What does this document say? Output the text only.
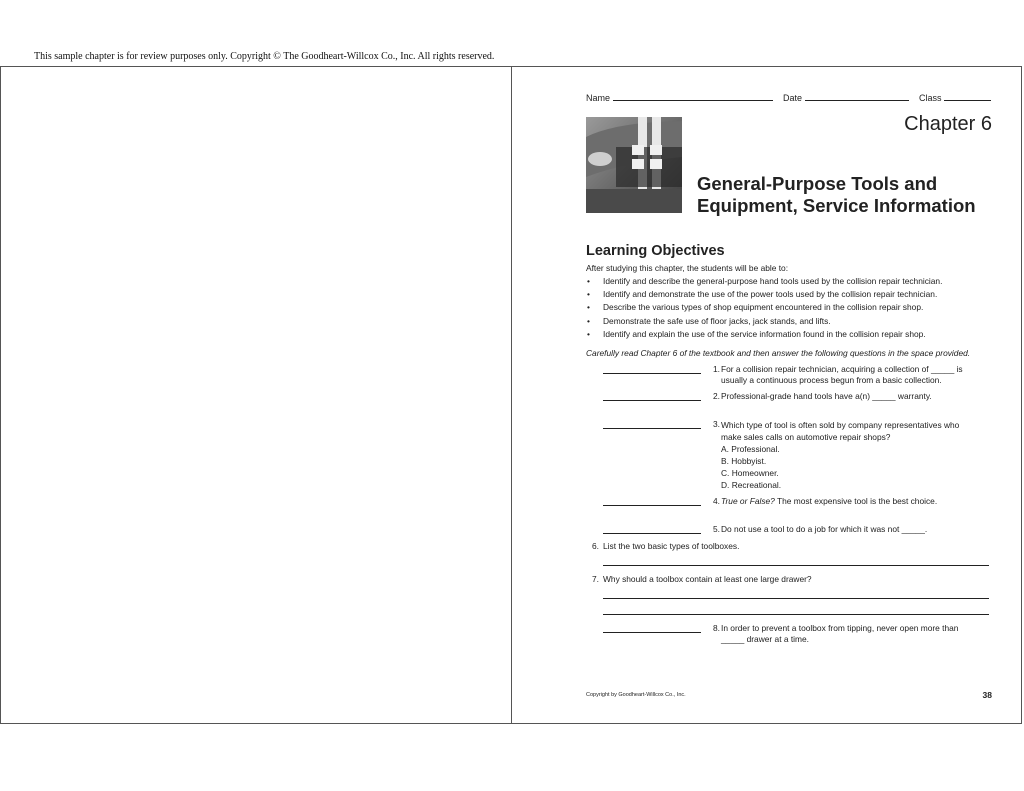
This sample chapter is for review purposes only. Copyright © The Goodheart-Willcox Co., Inc. All rights reserved.
Name	Date	Class
Chapter 6
General-Purpose Tools and
Equipment, Service Information
Learning Objectives
After studying this chapter, the students will be able to:
• Identify and describe the general-purpose hand tools used by the collision repair technician.
• Identify and demonstrate the use of the power tools used by the collision repair technician.
• Describe the various types of shop equipment encountered in the collision repair shop.
• Demonstrate the safe use of floor jacks, jack stands, and lifts.
• Identify and explain the use of the service information found in the collision repair shop.
Carefully read Chapter 6 of the textbook and then answer the following questions in the space provided.
1. For a collision repair technician, acquiring a collection of _____ is
usually a continuous process begun from a basic collection.
2. Professional-grade hand tools have a(n) _____ warranty.
3. Which type of tool is often sold by company representatives who
make sales calls on automotive repair shops?
A. Professional.
B. Hobbyist.
C. Homeowner.
D. Recreational.
4. True or False? The most expensive tool is the best choice.
5. Do not use a tool to do a job for which it was not _____.
6. List the two basic types of toolboxes.
7. Why should a toolbox contain at least one large drawer?
8. In order to prevent a toolbox from tipping, never open more than
_____ drawer at a time.
Copyright by Goodheart-Willcox Co., Inc.	38
